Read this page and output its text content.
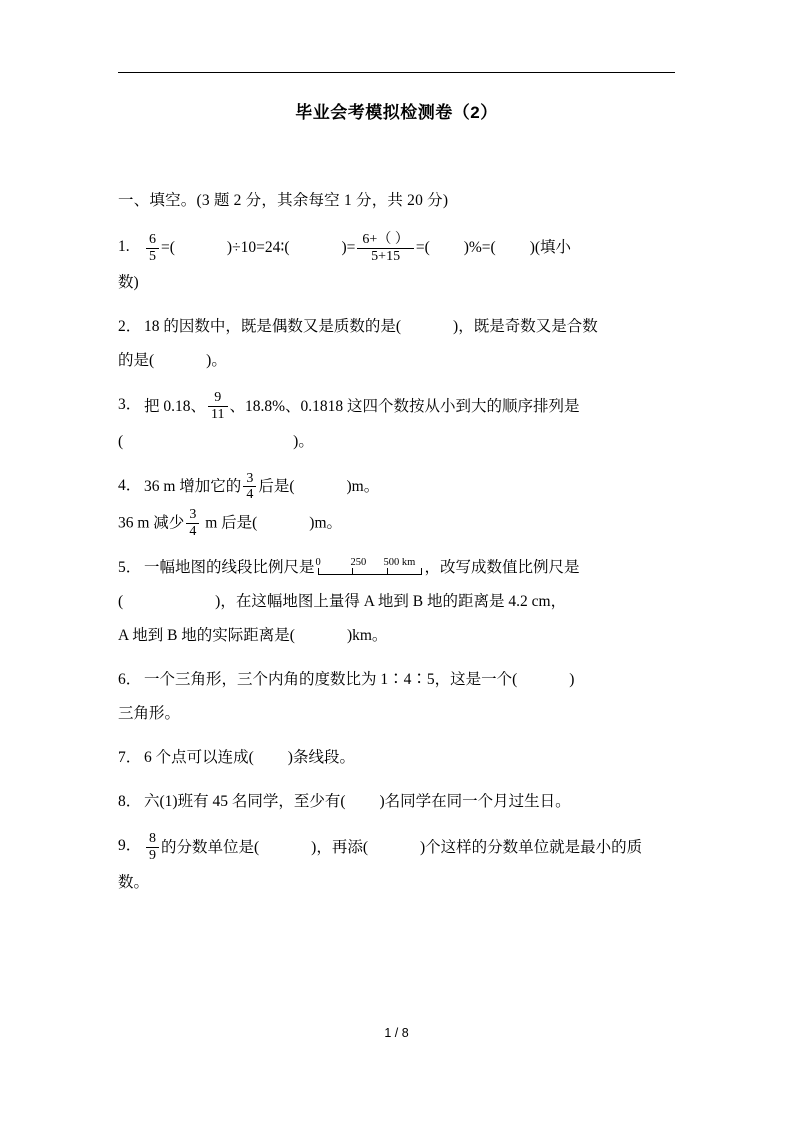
毕业会考模拟检测卷（2）
一、填空。(3 题 2 分，其余每空 1 分，共 20 分)
1.	$\frac{6}{5}$ =(	)÷10=24∶(	)= $\frac{6+( )}{5+15}$ =( )%=( )(填小
数)
2． 18 的因数中，既是偶数又是质数的是(	)，既是奇数又是合数
的是(	)。
3． 把 0.18、 $\frac{9}{11}$ 、18.8%、0.1818 这四个数按从小到大的顺序排列是
(	)。
4． 36 m 增加它的 $\frac{3}{4}$ 后是(	)m。
36 m 减少 $\frac{3}{4}$ m 后是(	)m。
5． 一幅地图的线段比例尺是 0	250 500 km ，改写成数值比例尺是
(	)，在这幅地图上量得 A 地到 B 地的距离是 4.2 cm，
A 地到 B 地的实际距离是(	)km。
6． 一个三角形，三个内角的度数比为 1∶4∶5，这是一个(	)
三角形。
7． 6 个点可以连成( )条线段。
8． 六(1)班有 45 名同学，至少有( )名同学在同一个月过生日。
9． $\frac{8}{9}$ 的分数单位是(	)，再添(	)个这样的分数单位就是最小的质
数。
1 / 8
